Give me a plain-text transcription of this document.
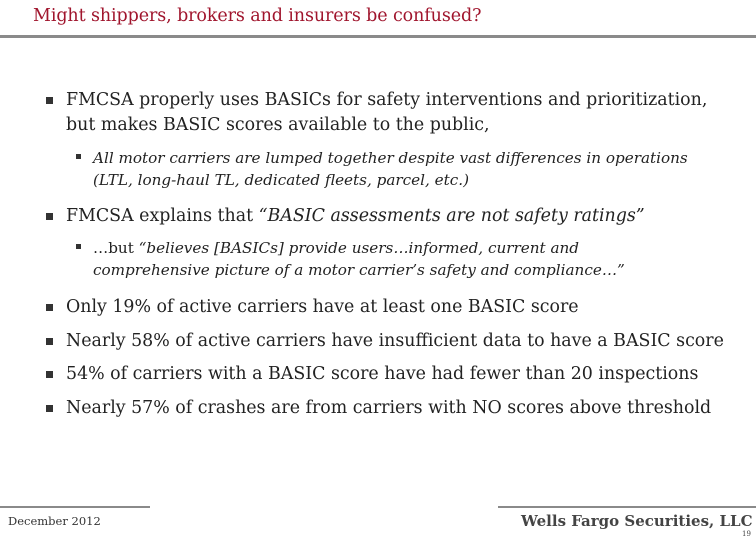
Might shippers, brokers and insurers be confused?
FMCSA properly uses BASICs for safety interventions and prioritization,
but makes BASIC scores available to the public,
All motor carriers are lumped together despite vast differences in operations
(LTL, long-haul TL, dedicated fleets, parcel, etc.)
FMCSA explains that “BASIC assessments are not safety ratings”
…but “believes [BASICs] provide users…informed, current and
comprehensive picture of a motor carrier’s safety and compliance…”
Only 19% of active carriers have at least one BASIC score
Nearly 58% of active carriers have insufficient data to have a BASIC score
54% of carriers with a BASIC score have had fewer than 20 inspections
Nearly 57% of crashes are from carriers with NO scores above threshold
December 2012	Wells Fargo Securities, LLC
19
